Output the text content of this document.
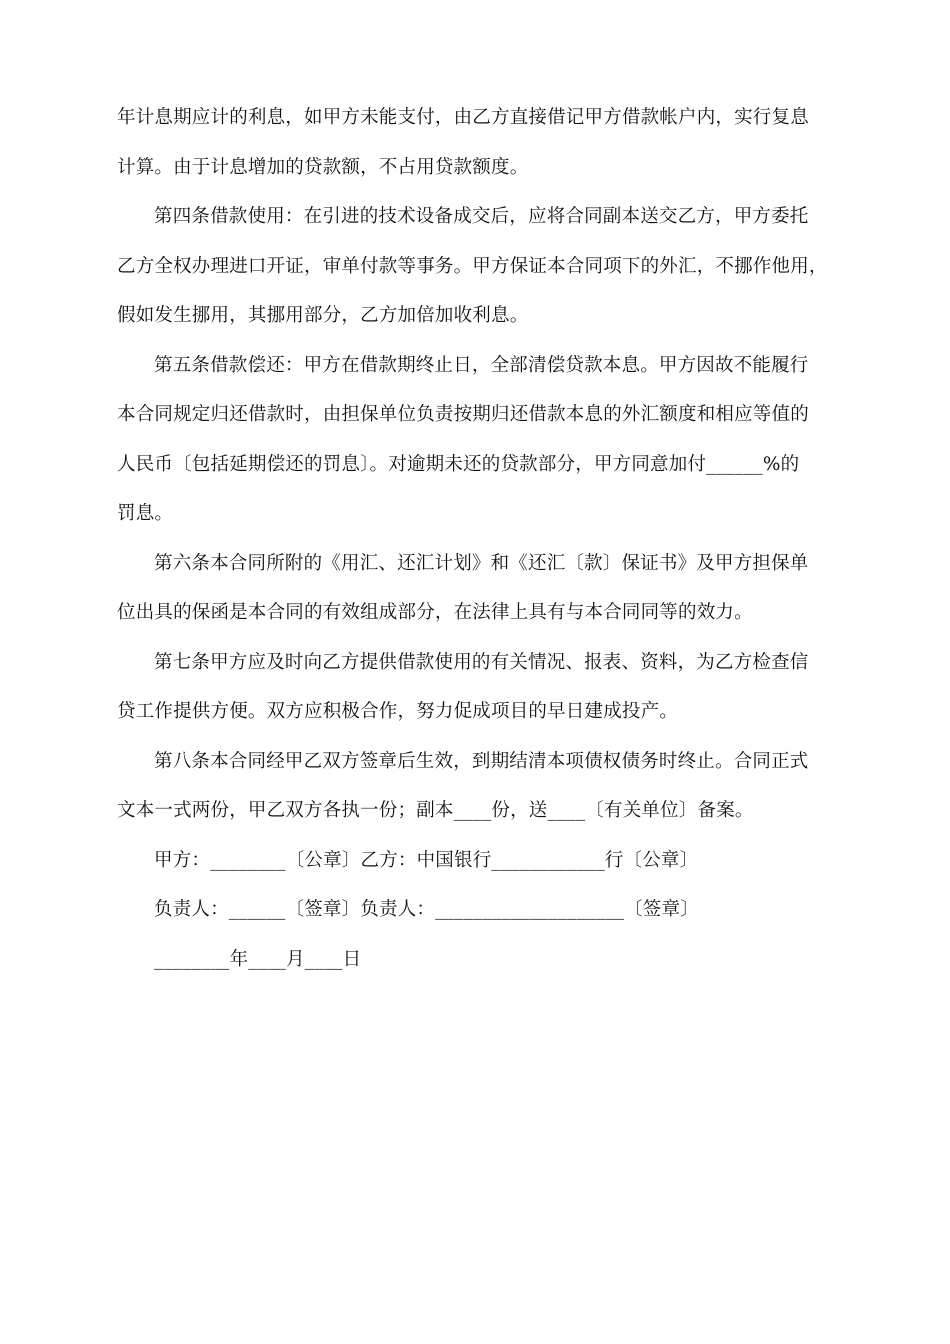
年计息期应计的利息，如甲方未能支付，由乙方直接借记甲方借款帐户内，实行复息
计算。由于计息增加的贷款额，不占用贷款额度。

第四条借款使用：在引进的技术设备成交后，应将合同副本送交乙方，甲方委托
乙方全权办理进口开证，审单付款等事务。甲方保证本合同项下的外汇，不挪作他用，
假如发生挪用，其挪用部分，乙方加倍加收利息。

第五条借款偿还：甲方在借款期终止日，全部清偿贷款本息。甲方因故不能履行
本合同规定归还借款时，由担保单位负责按期归还借款本息的外汇额度和相应等值的
人民币〔包括延期偿还的罚息〕。对逾期未还的贷款部分，甲方同意加付______%的
罚息。

第六条本合同所附的《用汇、还汇计划》和《还汇〔款〕保证书》及甲方担保单
位出具的保函是本合同的有效组成部分，在法律上具有与本合同同等的效力。

第七条甲方应及时向乙方提供借款使用的有关情况、报表、资料，为乙方检查信
贷工作提供方便。双方应积极合作，努力促成项目的早日建成投产。

第八条本合同经甲乙双方签章后生效，到期结清本项债权债务时终止。合同正式
文本一式两份，甲乙双方各执一份；副本____份，送____〔有关单位〕备案。

甲方：________〔公章〕乙方：中国银行____________行〔公章〕

负责人：______〔签章〕负责人：____________________〔签章〕

________年____月____日
